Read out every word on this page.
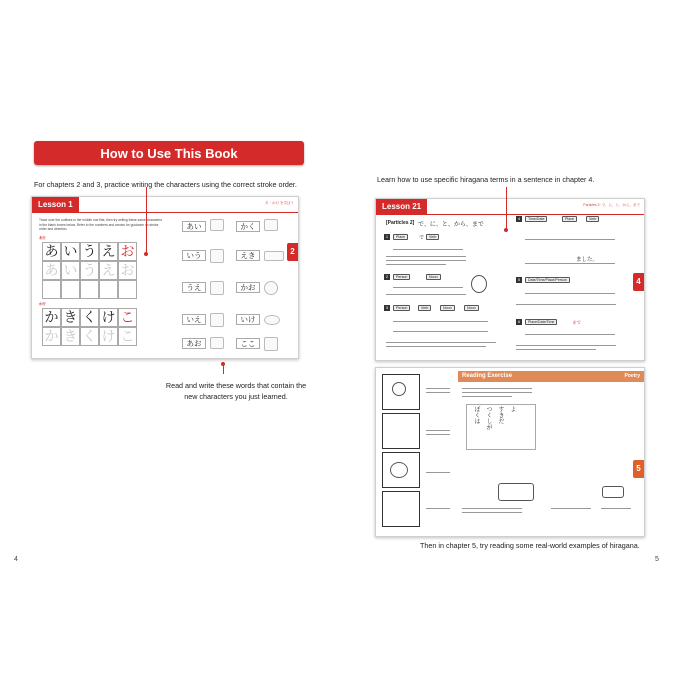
4	5
How to Use This Book
For chapters 2 and 3, practice writing the characters using the correct stroke order.
Learn how to use specific hiragana terms in a sentence in chapter 4.
Lesson 1	あ・か行 を学ぼう
Trace over the outlines in the middle row first, then try writing these same characters in the blank boxes below. Refer to the numbers and arrows for guidance on stroke order and direction.
あ行
あ い う え お
あ い う え お
か行
か き く け こ
か き く け こ
あい	かく
いう	えき
うえ	かお
いえ	いけ
あお	ここ
2
Read and write these words that contain the
new characters you just learned.
Lesson 21	Particles 2: で、に、と、から、まで
[Particles 2] で、に、と、から、まで
1	Place	で	Verb
2	Person	Noun
3	Person	Verb	Noun	Noun
4	Time/Date	Place	Verb
ました。
5	Date/Time/Place/Person
6	Place/Date/Time	まで
4
Reading Exercise	Poetry
ぼくは つくしが すきだ よ
5
Then in chapter 5, try reading some real-world examples of hiragana.
